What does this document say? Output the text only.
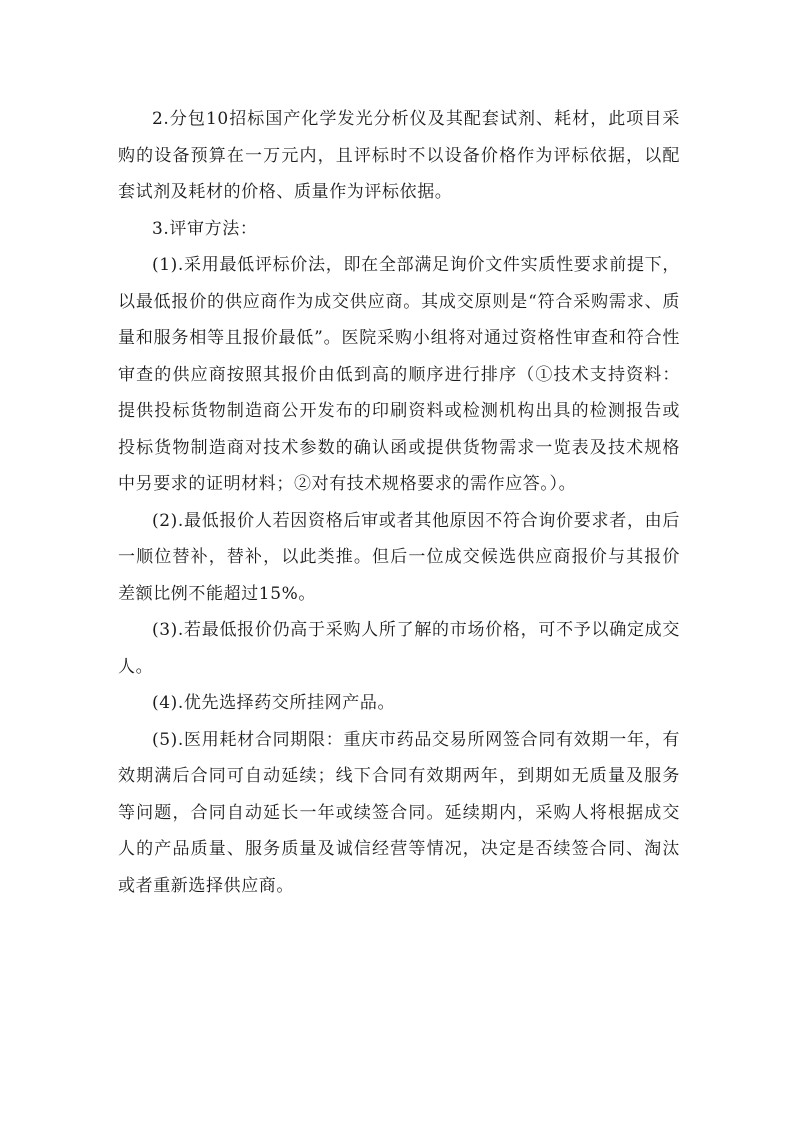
2.分包10招标国产化学发光分析仪及其配套试剂、耗材，此项目采购的设备预算在一万元内，且评标时不以设备价格作为评标依据，以配套试剂及耗材的价格、质量作为评标依据。

3.评审方法：

(1).采用最低评标价法，即在全部满足询价文件实质性要求前提下，以最低报价的供应商作为成交供应商。其成交原则是“符合采购需求、质量和服务相等且报价最低”。医院采购小组将对通过资格性审查和符合性审查的供应商按照其报价由低到高的顺序进行排序（①技术支持资料：提供投标货物制造商公开发布的印刷资料或检测机构出具的检测报告或投标货物制造商对技术参数的确认函或提供货物需求一览表及技术规格中另要求的证明材料；②对有技术规格要求的需作应答。）。

(2).最低报价人若因资格后审或者其他原因不符合询价要求者，由后一顺位替补，替补，以此类推。但后一位成交候选供应商报价与其报价差额比例不能超过15%。

(3).若最低报价仍高于采购人所了解的市场价格，可不予以确定成交人。

(4).优先选择药交所挂网产品。

(5).医用耗材合同期限：重庆市药品交易所网签合同有效期一年，有效期满后合同可自动延续；线下合同有效期两年，到期如无质量及服务等问题，合同自动延长一年或续签合同。延续期内，采购人将根据成交人的产品质量、服务质量及诚信经营等情况，决定是否续签合同、淘汰或者重新选择供应商。
